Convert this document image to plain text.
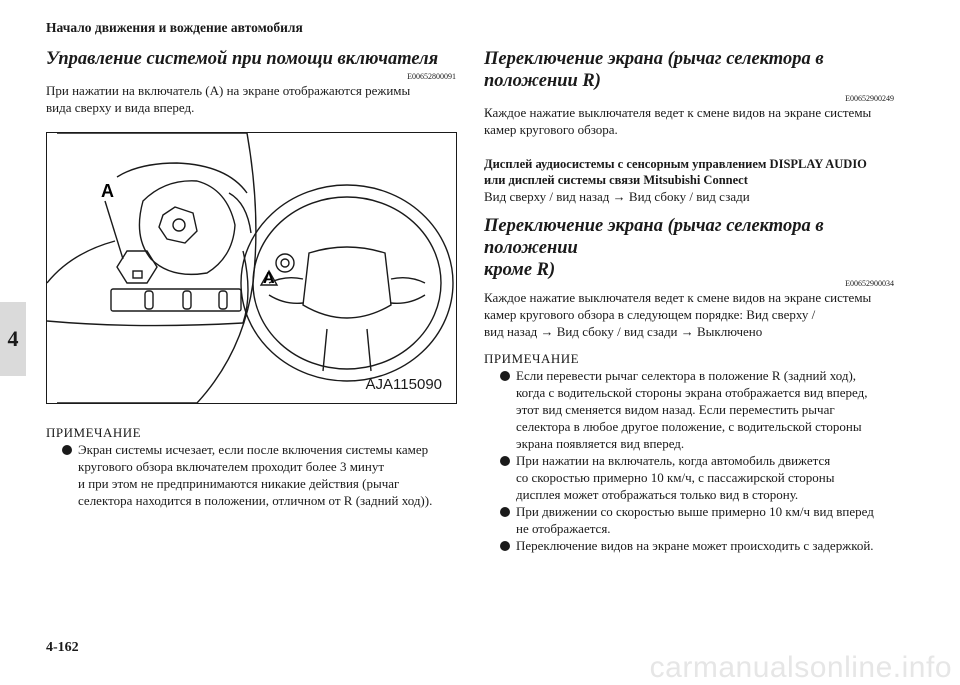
Начало движения и вождение автомобиля
4
Управление системой при помощи включателя
E00652800091

При нажатии на включатель (А) на экране отображаются режимы

вида сверху и вида вперед.

A
A
AJA115090
ПРИМЕЧАНИЕ
Экран системы исчезает, если после включения системы камер
кругового обзора включателем проходит более 3 минут
и при этом не предпринимаются никакие действия (рычаг
селектора находится в положении, отличном от R (задний ход)).
Переключение экрана (рычаг селектора в положении R)
E00652900249

Каждое нажатие выключателя ведет к смене видов на экране системы

камер кругового обзора.

Дисплей аудиосистемы с сенсорным управлением DISPLAY AUDIO
или дисплей системы связи Mitsubishi Connect

Вид сверху / вид назад → Вид сбоку / вид сзади

Переключение экрана (рычаг селектора в положении
кроме R)
E00652900034

Каждое нажатие выключателя ведет к смене видов на экране системы

камер кругового обзора в следующем порядке: Вид сверху /

вид назад → Вид сбоку / вид сзади → Выключено

ПРИМЕЧАНИЕ
Если перевести рычаг селектора в положение R (задний ход),
когда с водительской стороны экрана отображается вид вперед,
этот вид сменяется видом назад. Если переместить рычаг
селектора в любое другое положение, с водительской стороны
экрана появляется вид вперед.
При нажатии на включатель, когда автомобиль движется
со скоростью примерно 10 км/ч, с пассажирской стороны
дисплея может отображаться только вид в сторону.
При движении со скоростью выше примерно 10 км/ч вид вперед
не отображается.
Переключение видов на экране может происходить с задержкой.
4-162
carmanualsonline.info
